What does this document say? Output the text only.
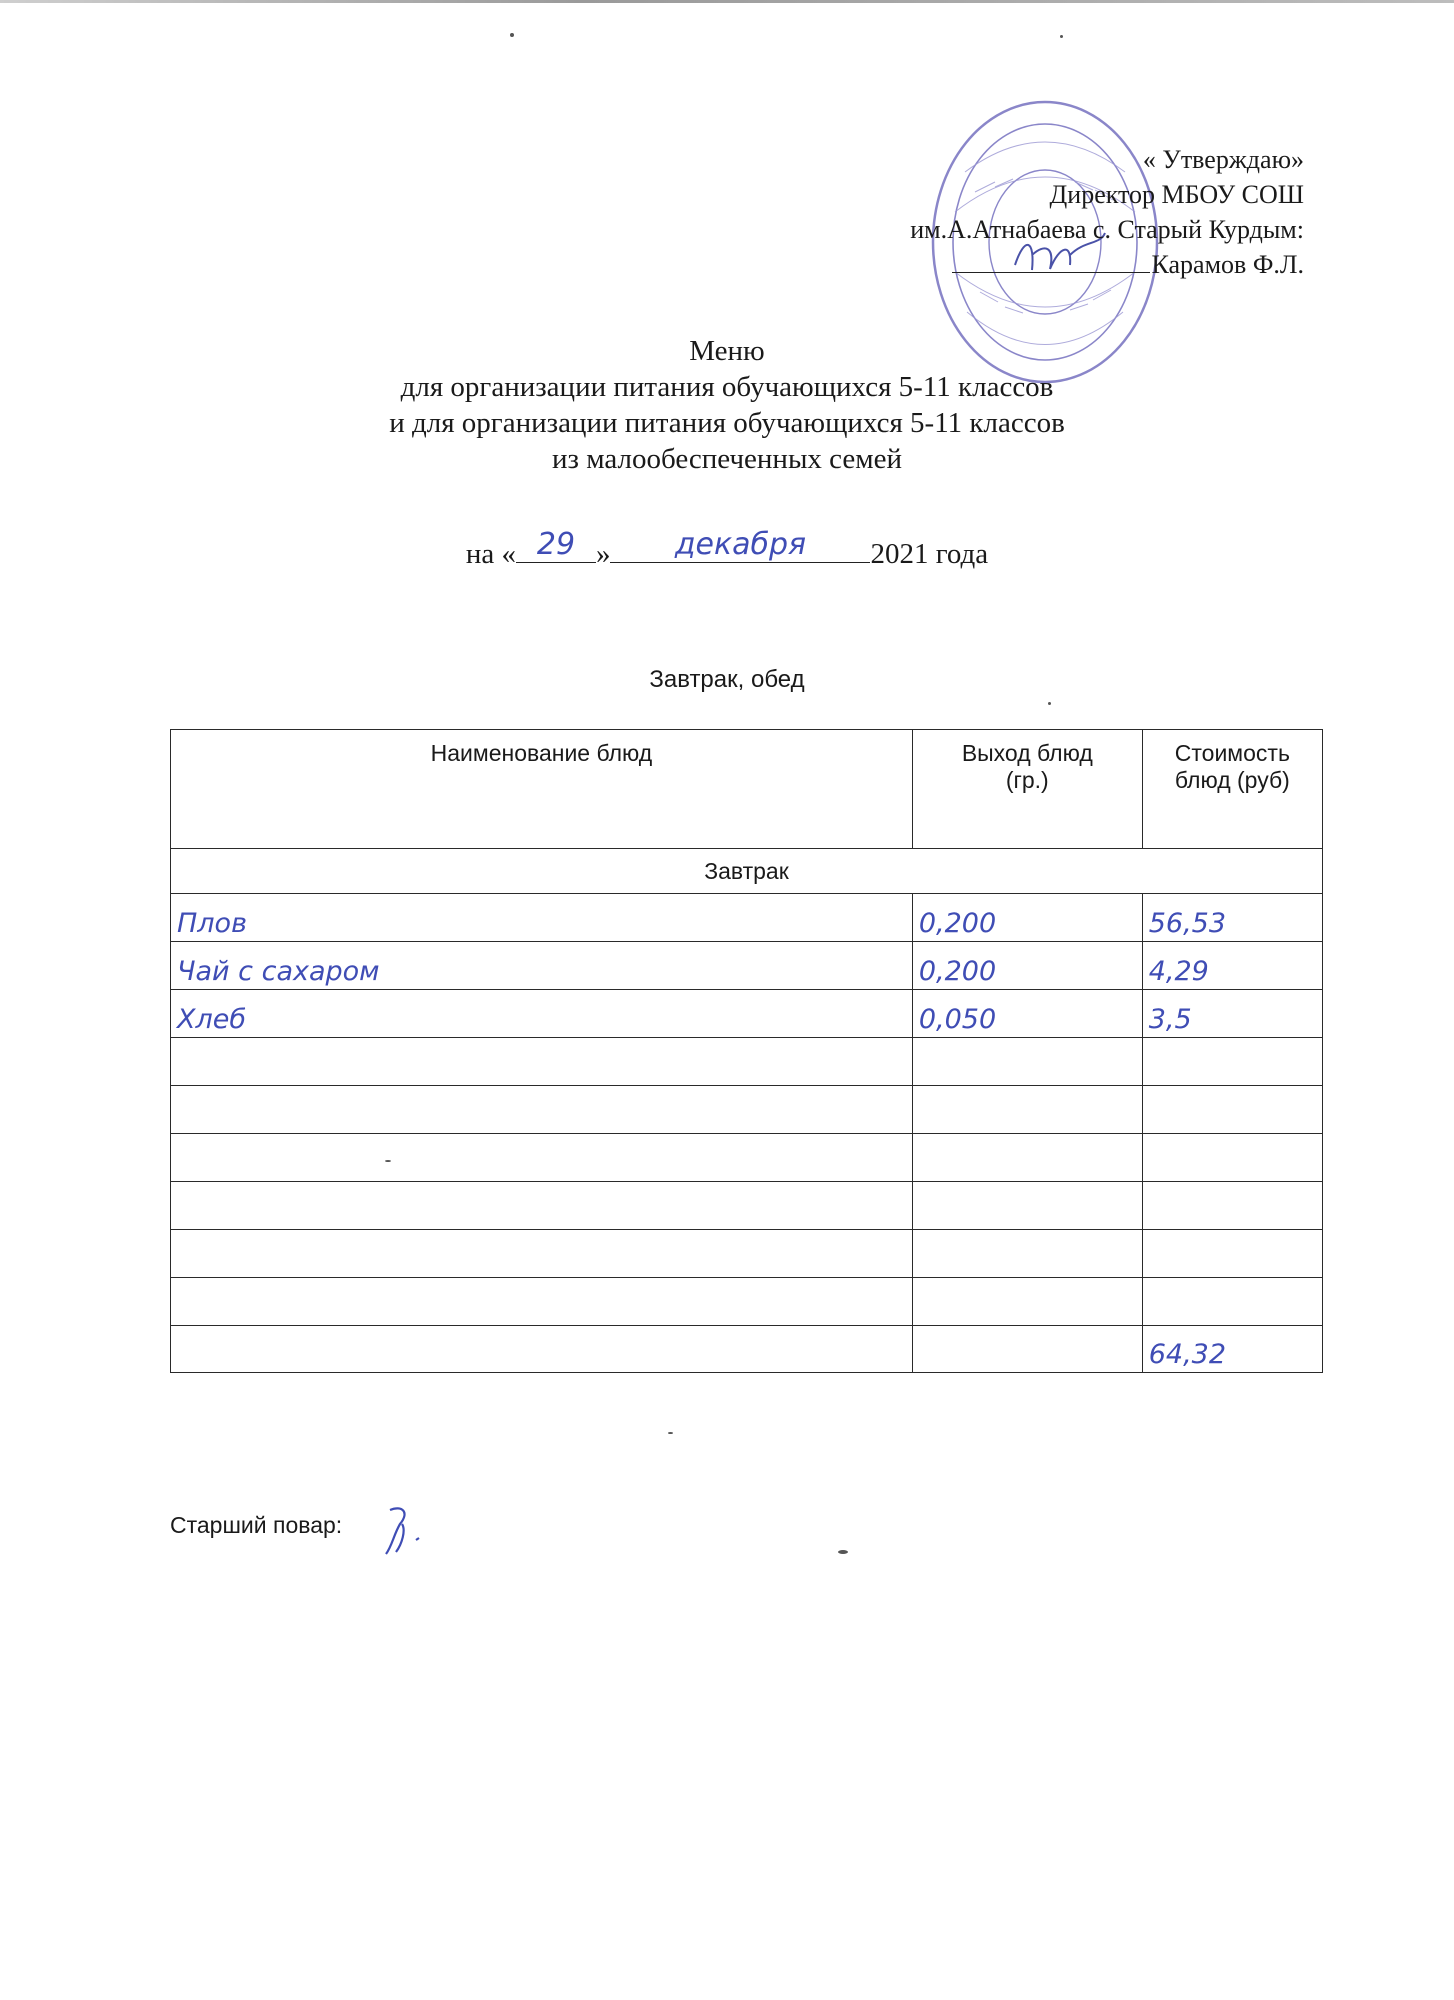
« Утверждаю»
Директор МБОУ СОШ
им.А.Атнабаева с. Старый Курдым:
Карамов Ф.Л.
Меню
для организации питания обучающихся 5-11 классов
и для организации питания обучающихся 5-11 классов
из малообеспеченных семей
на « 29 »	декабря	2021 года
Завтрак, обед
Наименование блюд	Выход блюд (гр.)	Стоимость блюд (руб)
Завтрак		
Плов	0,200	56,53
Чай с сахаром	0,200	4,29
Хлеб	0,050	3,5

		64,32
Старший повар:
